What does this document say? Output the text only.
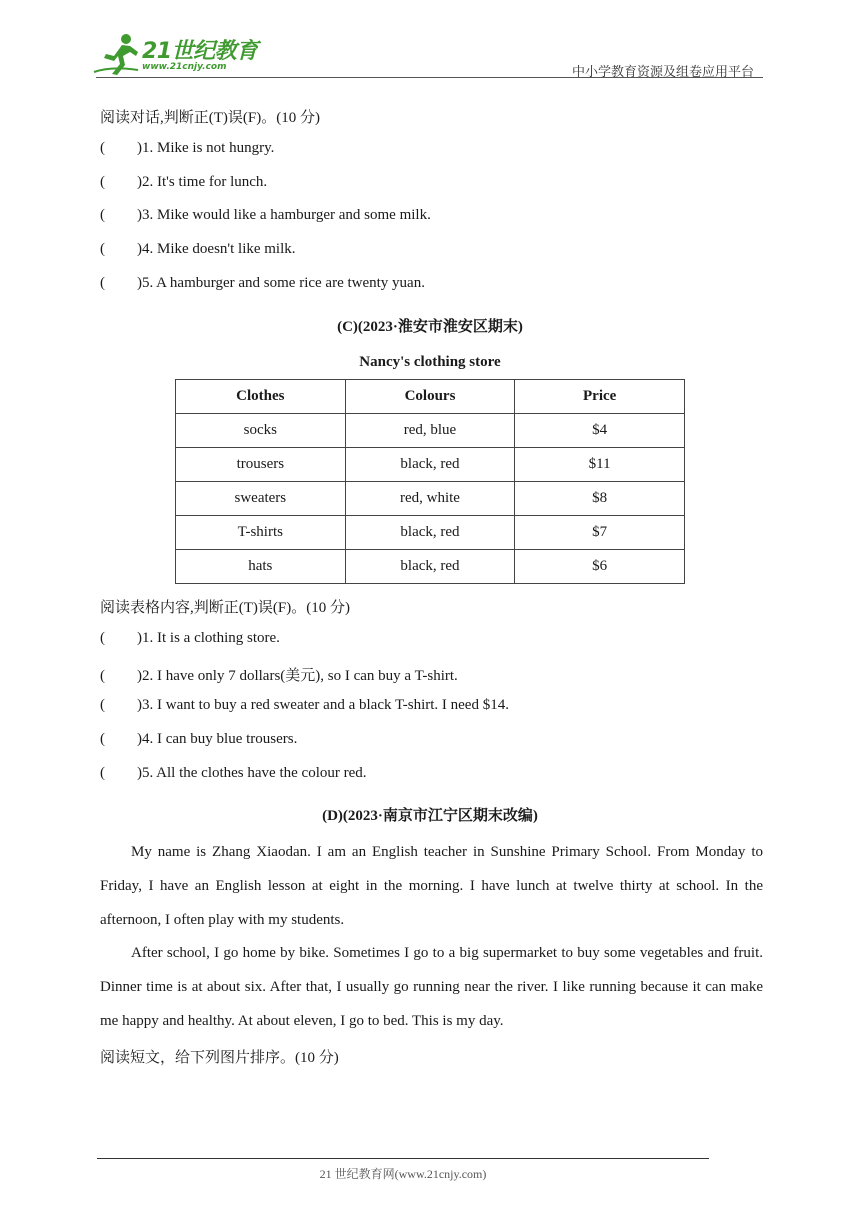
21世纪教育
www.21cnjy.com	中小学教育资源及组卷应用平台
阅读对话,判断正(T)误(F)。(10 分)
( )1. Mike is not hungry.
( )2. It's time for lunch.
( )3. Mike would like a hamburger and some milk.
( )4. Mike doesn't like milk.
( )5. A hamburger and some rice are twenty yuan.
(C)(2023·淮安市淮安区期末)
Nancy's clothing store
Clothes	Colours	Price
socks	red, blue	$4
trousers	black, red	$11
sweaters	red, white	$8
T-shirts	black, red	$7
hats	black, red	$6
阅读表格内容,判断正(T)误(F)。(10 分)
( )1. It is a clothing store.
( )2. I have only 7 dollars(美元), so I can buy a T-shirt.
( )3. I want to buy a red sweater and a black T-shirt. I need $14.
( )4. I can buy blue trousers.
( )5. All the clothes have the colour red.
(D)(2023·南京市江宁区期末改编)

My name is Zhang Xiaodan. I am an English teacher in Sunshine Primary School. From Monday to Friday, I have an English lesson at eight in the morning. I have lunch at twelve thirty at school. In the afternoon, I often play with my students.

After school, I go home by bike. Sometimes I go to a big supermarket to buy some vegetables and fruit. Dinner time is at about six. After that, I usually go running near the river. I like running because it can make me happy and healthy. At about eleven, I go to bed. This is my day.

阅读短文，给下列图片排序。(10 分)
21 世纪教育网(www.21cnjy.com)
